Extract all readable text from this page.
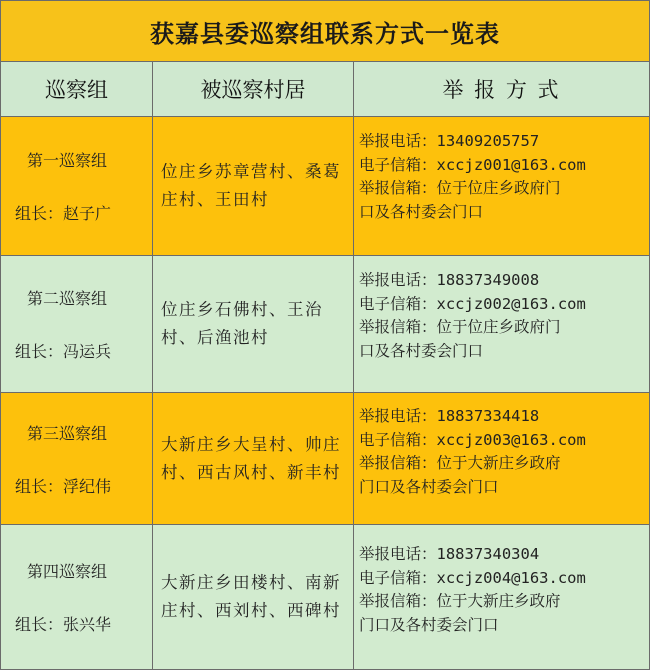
获嘉县委巡察组联系方式一览表
巡察组	被巡察村居	举 报 方 式
第一巡察组
组长：赵子广
位庄乡苏章营村、桑葛庄村、王田村
举报电话：13409205757
电子信箱：xccjz001@163.com
举报信箱：位于位庄乡政府门
口及各村委会门口
第二巡察组
组长：冯运兵
位庄乡石佛村、王治村、后渔池村
举报电话：18837349008
电子信箱：xccjz002@163.com
举报信箱：位于位庄乡政府门
口及各村委会门口
第三巡察组
组长：浮纪伟
大新庄乡大呈村、帅庄村、西古风村、新丰村
举报电话：18837334418
电子信箱：xccjz003@163.com
举报信箱：位于大新庄乡政府
门口及各村委会门口
第四巡察组
组长：张兴华
大新庄乡田楼村、南新庄村、西刘村、西碑村
举报电话：18837340304
电子信箱：xccjz004@163.com
举报信箱：位于大新庄乡政府
门口及各村委会门口
